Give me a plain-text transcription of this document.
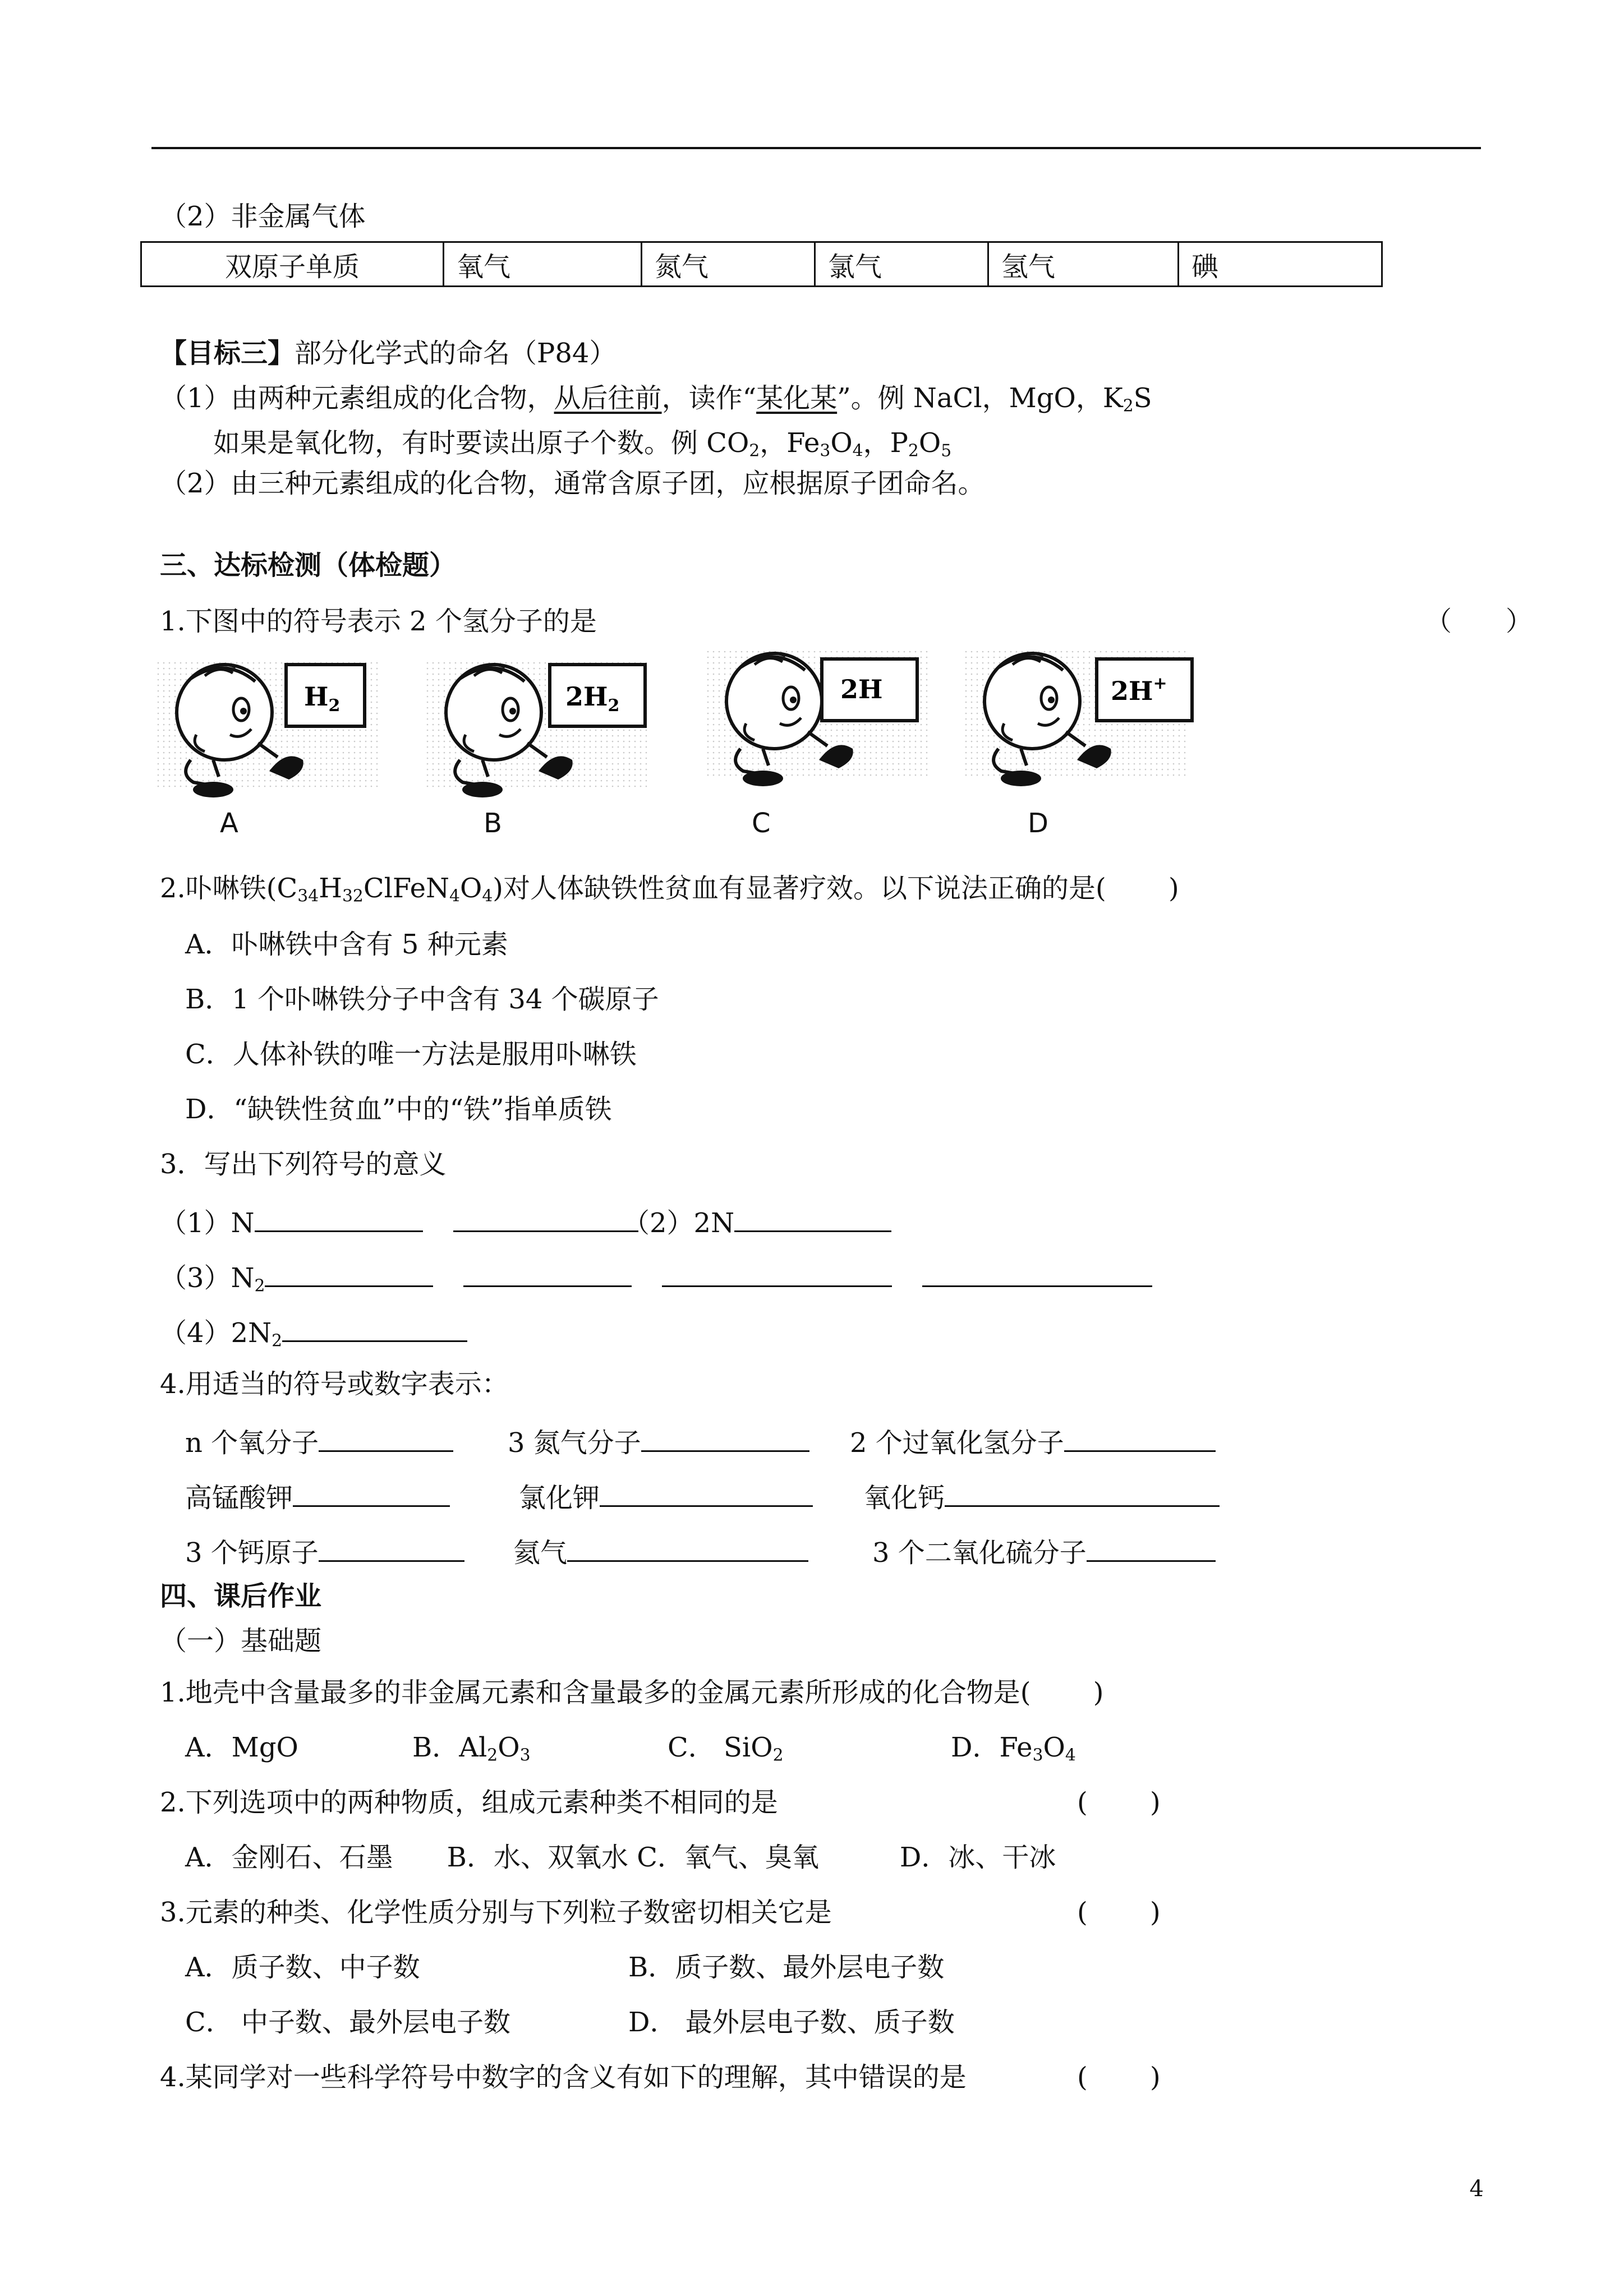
（2）非金属气体
双原子单质	氧气	氮气	氯气	氢气	碘
【目标三】部分化学式的命名（P84）
（1）由两种元素组成的化合物，从后往前，读作“某化某”。例 NaCl，MgO，$K_2S$
如果是氧化物，有时要读出原子个数。例 $CO_2$，$Fe_3O_4$，$P_2O_5$
（2）由三种元素组成的化合物，通常含原子团，应根据原子团命名。
三、达标检测（体检题）
1.下图中的符号表示 2 个氢分子的是	（　　）
$H_2$	$2H_2$
2H	2H+
A	B	C	D
2.卟啉铁$(C_{34}H_{32}ClFeN_4O_4)$对人体缺铁性贫血有显著疗效。以下说法正确的是(　　 )
A．卟啉铁中含有 5 种元素
B．1 个卟啉铁分子中含有 34 个碳原子
C．人体补铁的唯一方法是服用卟啉铁
D．“缺铁性贫血”中的“铁”指单质铁
3．写出下列符号的意义
（1）N	（2）2N
$(3)N_2$
$(4)2N_2$
4.用适当的符号或数字表示：
n 个氧分子	3 氮气分子	2 个过氧化氢分子
高锰酸钾	氯化钾	氧化钙
3 个钙原子	氦气	3 个二氧化硫分子
四、课后作业
（一）基础题
1.地壳中含量最多的非金属元素和含量最多的金属元素所形成的化合物是(　　 )
A．MgO	B．$Al_2O_3$	C． SiO$_2$	D．$Fe_3O_4$
2.下列选项中的两种物质，组成元素种类不相同的是	(　　 )
A．金刚石、石墨　　B．水、双氧水 C．氧气、臭氧　　　D．冰、干冰
3.元素的种类、化学性质分别与下列粒子数密切相关它是	(　　 )
A．质子数、中子数	B．质子数、最外层电子数
C． 中子数、最外层电子数	D． 最外层电子数、质子数
4.某同学对一些科学符号中数字的含义有如下的理解，其中错误的是	(　　 )
4
